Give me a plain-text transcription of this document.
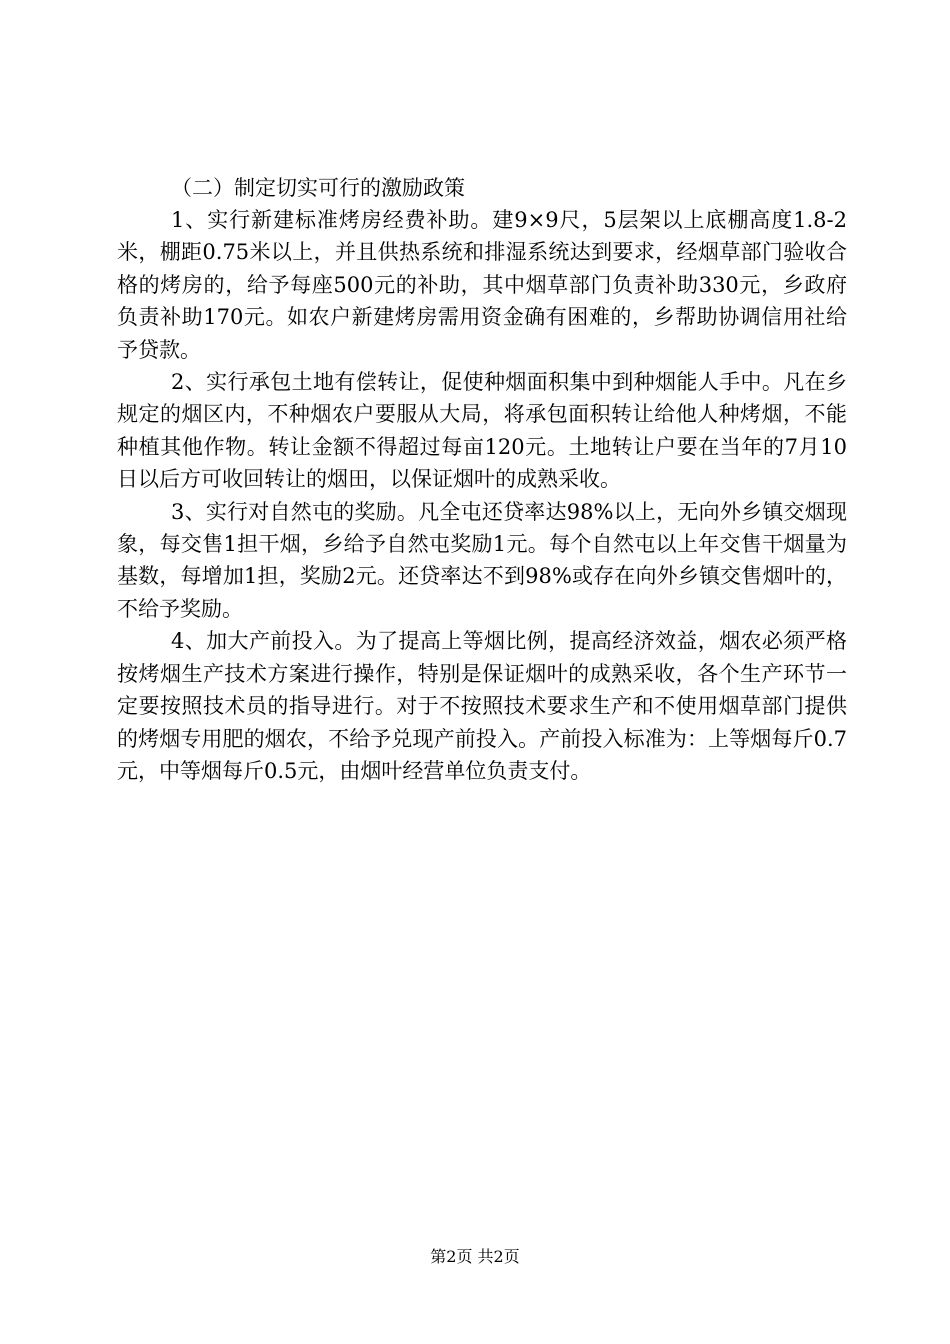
（二）制定切实可行的激励政策

1、实行新建标准烤房经费补助。建9×9尺，5层架以上底棚高度1.8-2米，棚距0.75米以上，并且供热系统和排湿系统达到要求，经烟草部门验收合格的烤房的，给予每座500元的补助，其中烟草部门负责补助330元，乡政府负责补助170元。如农户新建烤房需用资金确有困难的，乡帮助协调信用社给予贷款。

2、实行承包土地有偿转让，促使种烟面积集中到种烟能人手中。凡在乡规定的烟区内，不种烟农户要服从大局，将承包面积转让给他人种烤烟，不能种植其他作物。转让金额不得超过每亩120元。土地转让户要在当年的7月10日以后方可收回转让的烟田，以保证烟叶的成熟采收。

3、实行对自然屯的奖励。凡全屯还贷率达98%以上，无向外乡镇交烟现象，每交售1担干烟，乡给予自然屯奖励1元。每个自然屯以上年交售干烟量为基数，每增加1担，奖励2元。还贷率达不到98%或存在向外乡镇交售烟叶的，不给予奖励。

4、加大产前投入。为了提高上等烟比例，提高经济效益，烟农必须严格按烤烟生产技术方案进行操作，特别是保证烟叶的成熟采收，各个生产环节一定要按照技术员的指导进行。对于不按照技术要求生产和不使用烟草部门提供的烤烟专用肥的烟农，不给予兑现产前投入。产前投入标准为：上等烟每斤0.7元，中等烟每斤0.5元，由烟叶经营单位负责支付。

第2页 共2页
